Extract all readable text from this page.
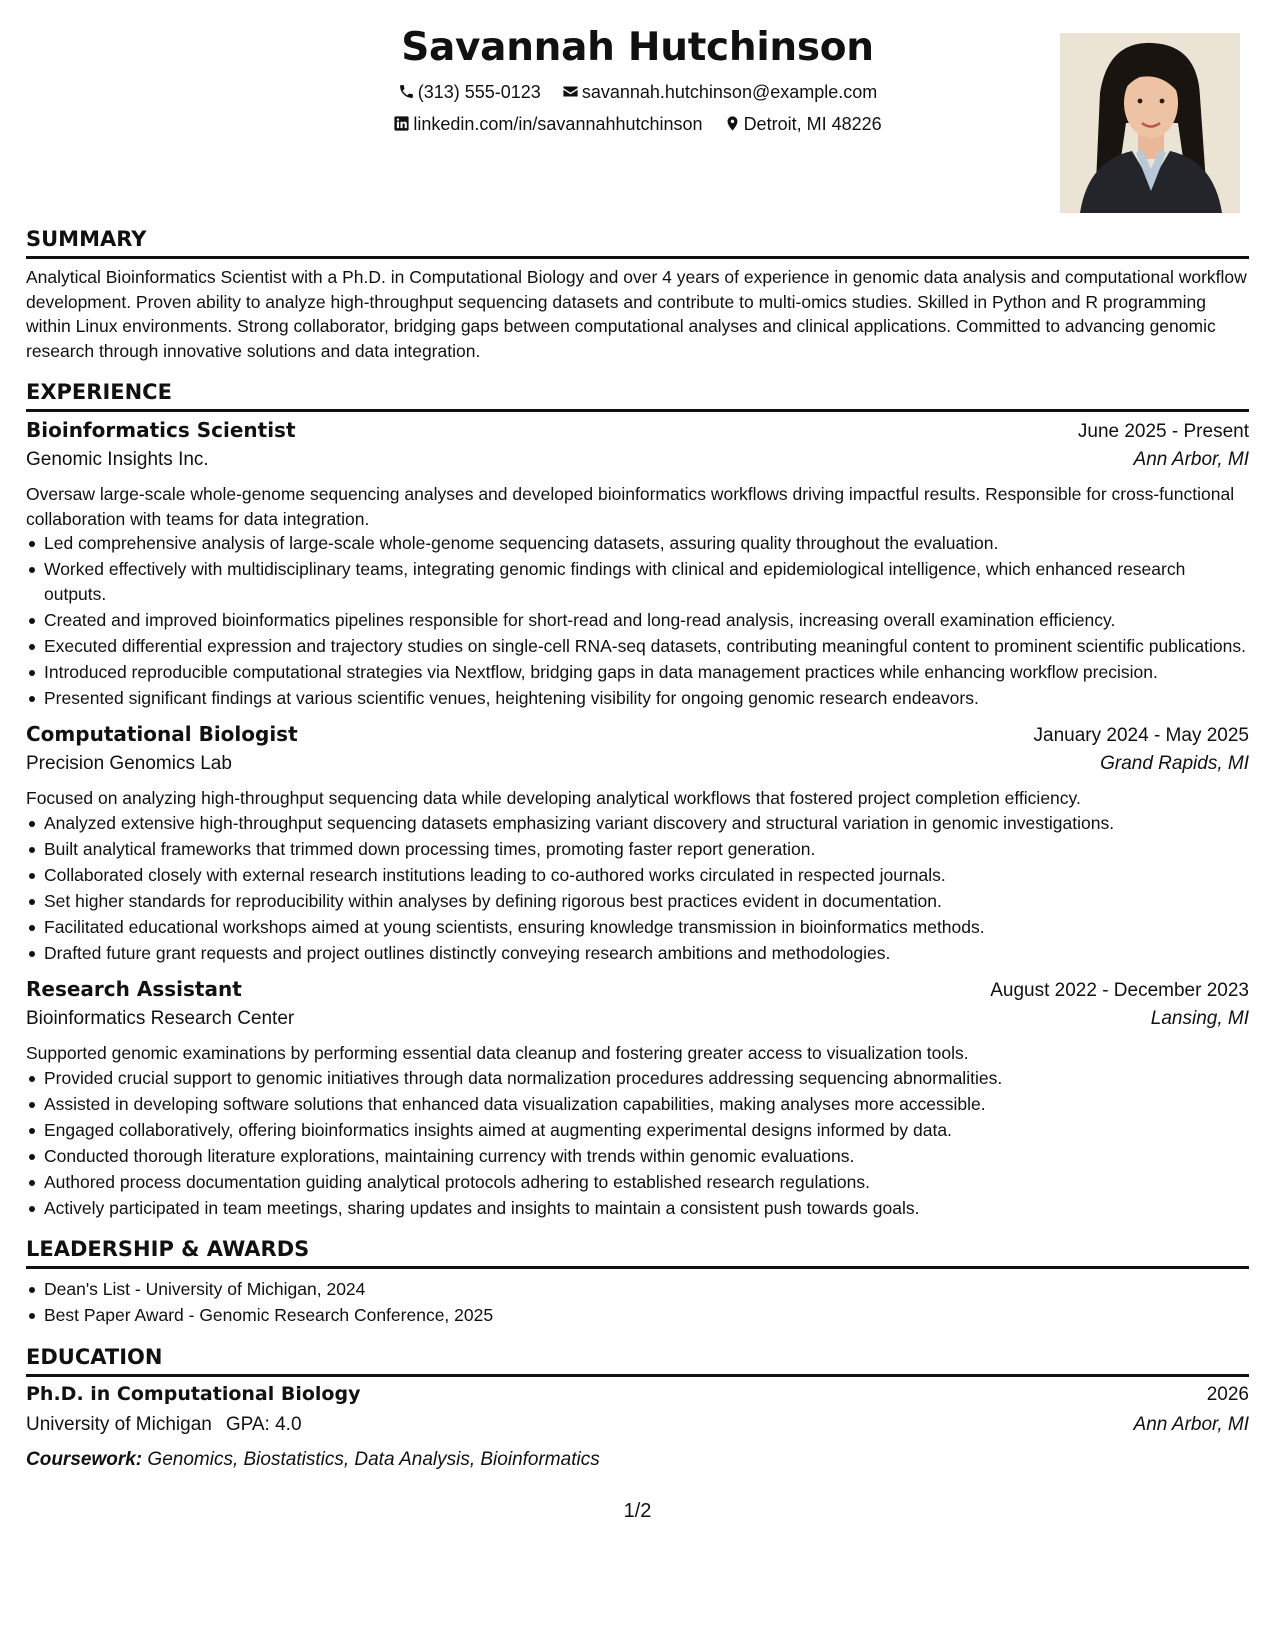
Savannah Hutchinson
(313) 555-0123 savannah.hutchinson@example.com
linkedin.com/in/savannahhutchinson Detroit, MI 48226
SUMMARY

Analytical Bioinformatics Scientist with a Ph.D. in Computational Biology and over 4 years of experience in genomic data analysis and computational workflow development. Proven ability to analyze high-throughput sequencing datasets and contribute to multi-omics studies. Skilled in Python and R programming within Linux environments. Strong collaborator, bridging gaps between computational analyses and clinical applications. Committed to advancing genomic research through innovative solutions and data integration.

EXPERIENCE
Bioinformatics Scientist	June 2025 - Present
Genomic Insights Inc.	Ann Arbor, MI
Oversaw large-scale whole-genome sequencing analyses and developed bioinformatics workflows driving impactful results. Responsible for cross-functional collaboration with teams for data integration.
Led comprehensive analysis of large-scale whole-genome sequencing datasets, assuring quality throughout the evaluation.
Worked effectively with multidisciplinary teams, integrating genomic findings with clinical and epidemiological intelligence, which enhanced research outputs.
Created and improved bioinformatics pipelines responsible for short-read and long-read analysis, increasing overall examination efficiency.
Executed differential expression and trajectory studies on single-cell RNA-seq datasets, contributing meaningful content to prominent scientific publications.
Introduced reproducible computational strategies via Nextflow, bridging gaps in data management practices while enhancing workflow precision.
Presented significant findings at various scientific venues, heightening visibility for ongoing genomic research endeavors.
Computational Biologist	January 2024 - May 2025
Precision Genomics Lab	Grand Rapids, MI
Focused on analyzing high-throughput sequencing data while developing analytical workflows that fostered project completion efficiency.
Analyzed extensive high-throughput sequencing datasets emphasizing variant discovery and structural variation in genomic investigations.
Built analytical frameworks that trimmed down processing times, promoting faster report generation.
Collaborated closely with external research institutions leading to co-authored works circulated in respected journals.
Set higher standards for reproducibility within analyses by defining rigorous best practices evident in documentation.
Facilitated educational workshops aimed at young scientists, ensuring knowledge transmission in bioinformatics methods.
Drafted future grant requests and project outlines distinctly conveying research ambitions and methodologies.
Research Assistant	August 2022 - December 2023
Bioinformatics Research Center	Lansing, MI
Supported genomic examinations by performing essential data cleanup and fostering greater access to visualization tools.
Provided crucial support to genomic initiatives through data normalization procedures addressing sequencing abnormalities.
Assisted in developing software solutions that enhanced data visualization capabilities, making analyses more accessible.
Engaged collaboratively, offering bioinformatics insights aimed at augmenting experimental designs informed by data.
Conducted thorough literature explorations, maintaining currency with trends within genomic evaluations.
Authored process documentation guiding analytical protocols adhering to established research regulations.
Actively participated in team meetings, sharing updates and insights to maintain a consistent push towards goals.
LEADERSHIP & AWARDS
Dean's List - University of Michigan, 2024
Best Paper Award - Genomic Research Conference, 2025
EDUCATION
Ph.D. in Computational Biology	2026
University of Michigan GPA: 4.0	Ann Arbor, MI
Coursework: Genomics, Biostatistics, Data Analysis, Bioinformatics
1/2
